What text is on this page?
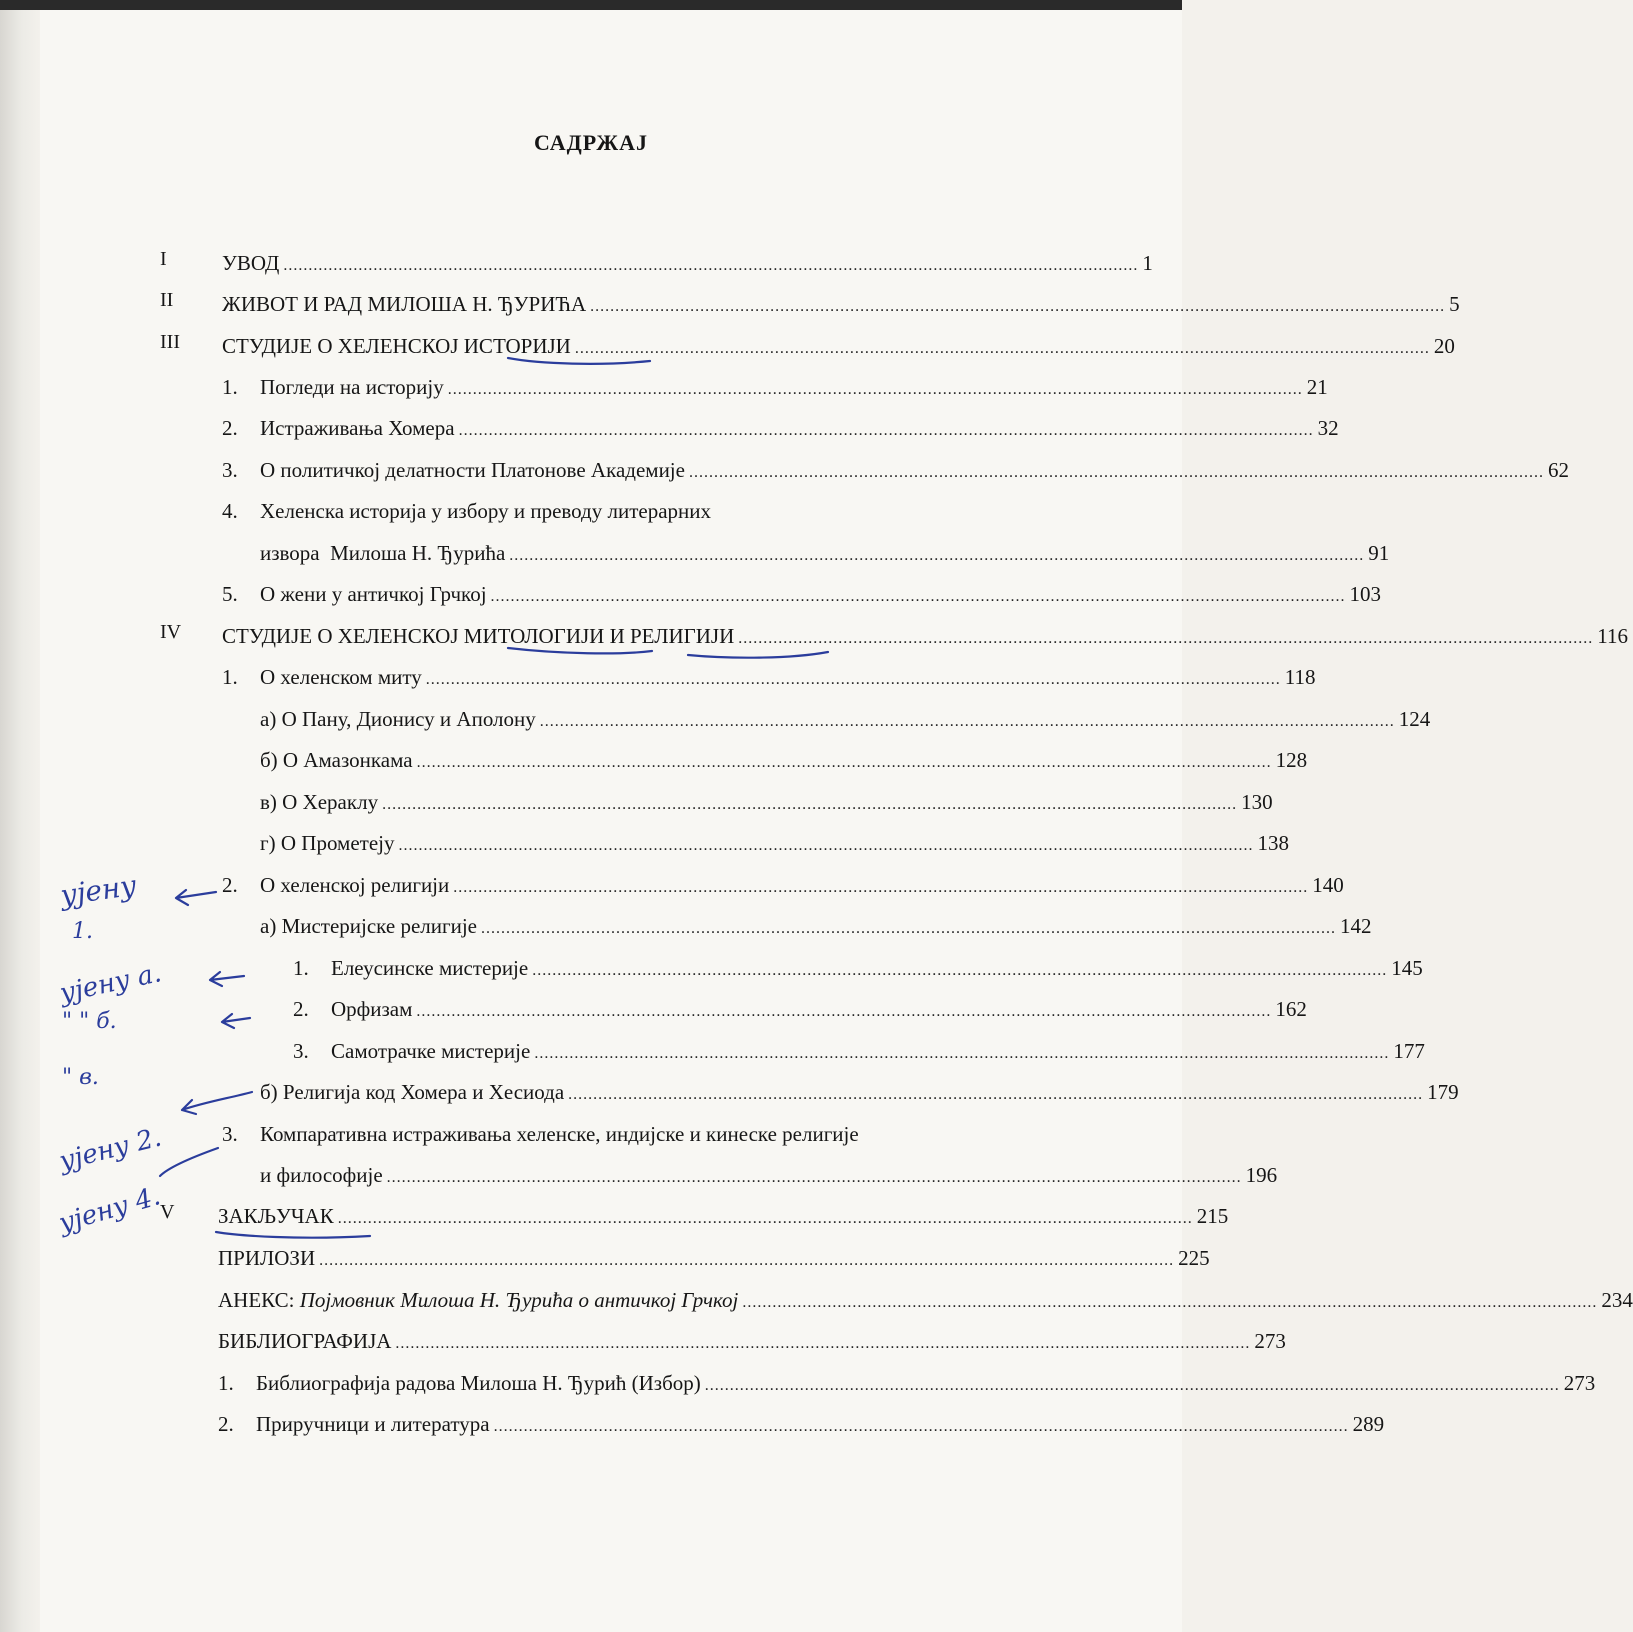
САДРЖАЈ
I	УВОД ........................................................................................................................................................................... 1
II ЖИВОТ И РАД МИЛОША Н. ЂУРИЋА ........................................................................................................................................................................... 5
III СТУДИЈЕ О ХЕЛЕНСКОЈ ИСТОРИЈИ ........................................................................................................................................................................... 20
1. Погледи на историју ........................................................................................................................................................................... 21
2. Истраживања Хомера ........................................................................................................................................................................... 32
3. О политичкој делатности Платонове Академије ........................................................................................................................................................................... 62
4. Хеленска историја у избору и преводу литерарних
извора  Милоша Н. Ђурића ........................................................................................................................................................................... 91
5. О жени у античкој Грчкој ........................................................................................................................................................................... 103
IV СТУДИЈЕ О ХЕЛЕНСКОЈ МИТОЛОГИЈИ И РЕЛИГИЈИ ........................................................................................................................................................................... 116
1. О хеленском миту ........................................................................................................................................................................... 118
а) О Пану, Дионису и Аполону ........................................................................................................................................................................... 124
б) О Амазонкама ........................................................................................................................................................................... 128
в) О Хераклу ........................................................................................................................................................................... 130
г) О Прометеју ........................................................................................................................................................................... 138
2. О хеленској религији ........................................................................................................................................................................... 140
а) Мистеријске религије ........................................................................................................................................................................... 142
1. Елеусинске мистерије ........................................................................................................................................................................... 145
2. Орфизам ........................................................................................................................................................................... 162
3. Самотрачке мистерије ........................................................................................................................................................................... 177
б) Религија код Хомера и Хесиода ........................................................................................................................................................................... 179
3. Компаративна истраживања хеленске, индијске и кинеске религије
и философије ........................................................................................................................................................................... 196
V ЗАКЉУЧАК ........................................................................................................................................................................... 215
ПРИЛОЗИ ........................................................................................................................................................................... 225
АНЕКС: Појмовник Милоша Н. Ђурића о античкој Грчкој ........................................................................................................................................................................... 234
БИБЛИОГРАФИЈА ........................................................................................................................................................................... 273
1. Библиографија радова Милоша Н. Ђурић (Избор) ........................................................................................................................................................................... 273
2. Приручници и литература ........................................................................................................................................................................... 289
ујену
1.
ујену а.
" " б.
" в.
ујену 2.
ујену 4.
